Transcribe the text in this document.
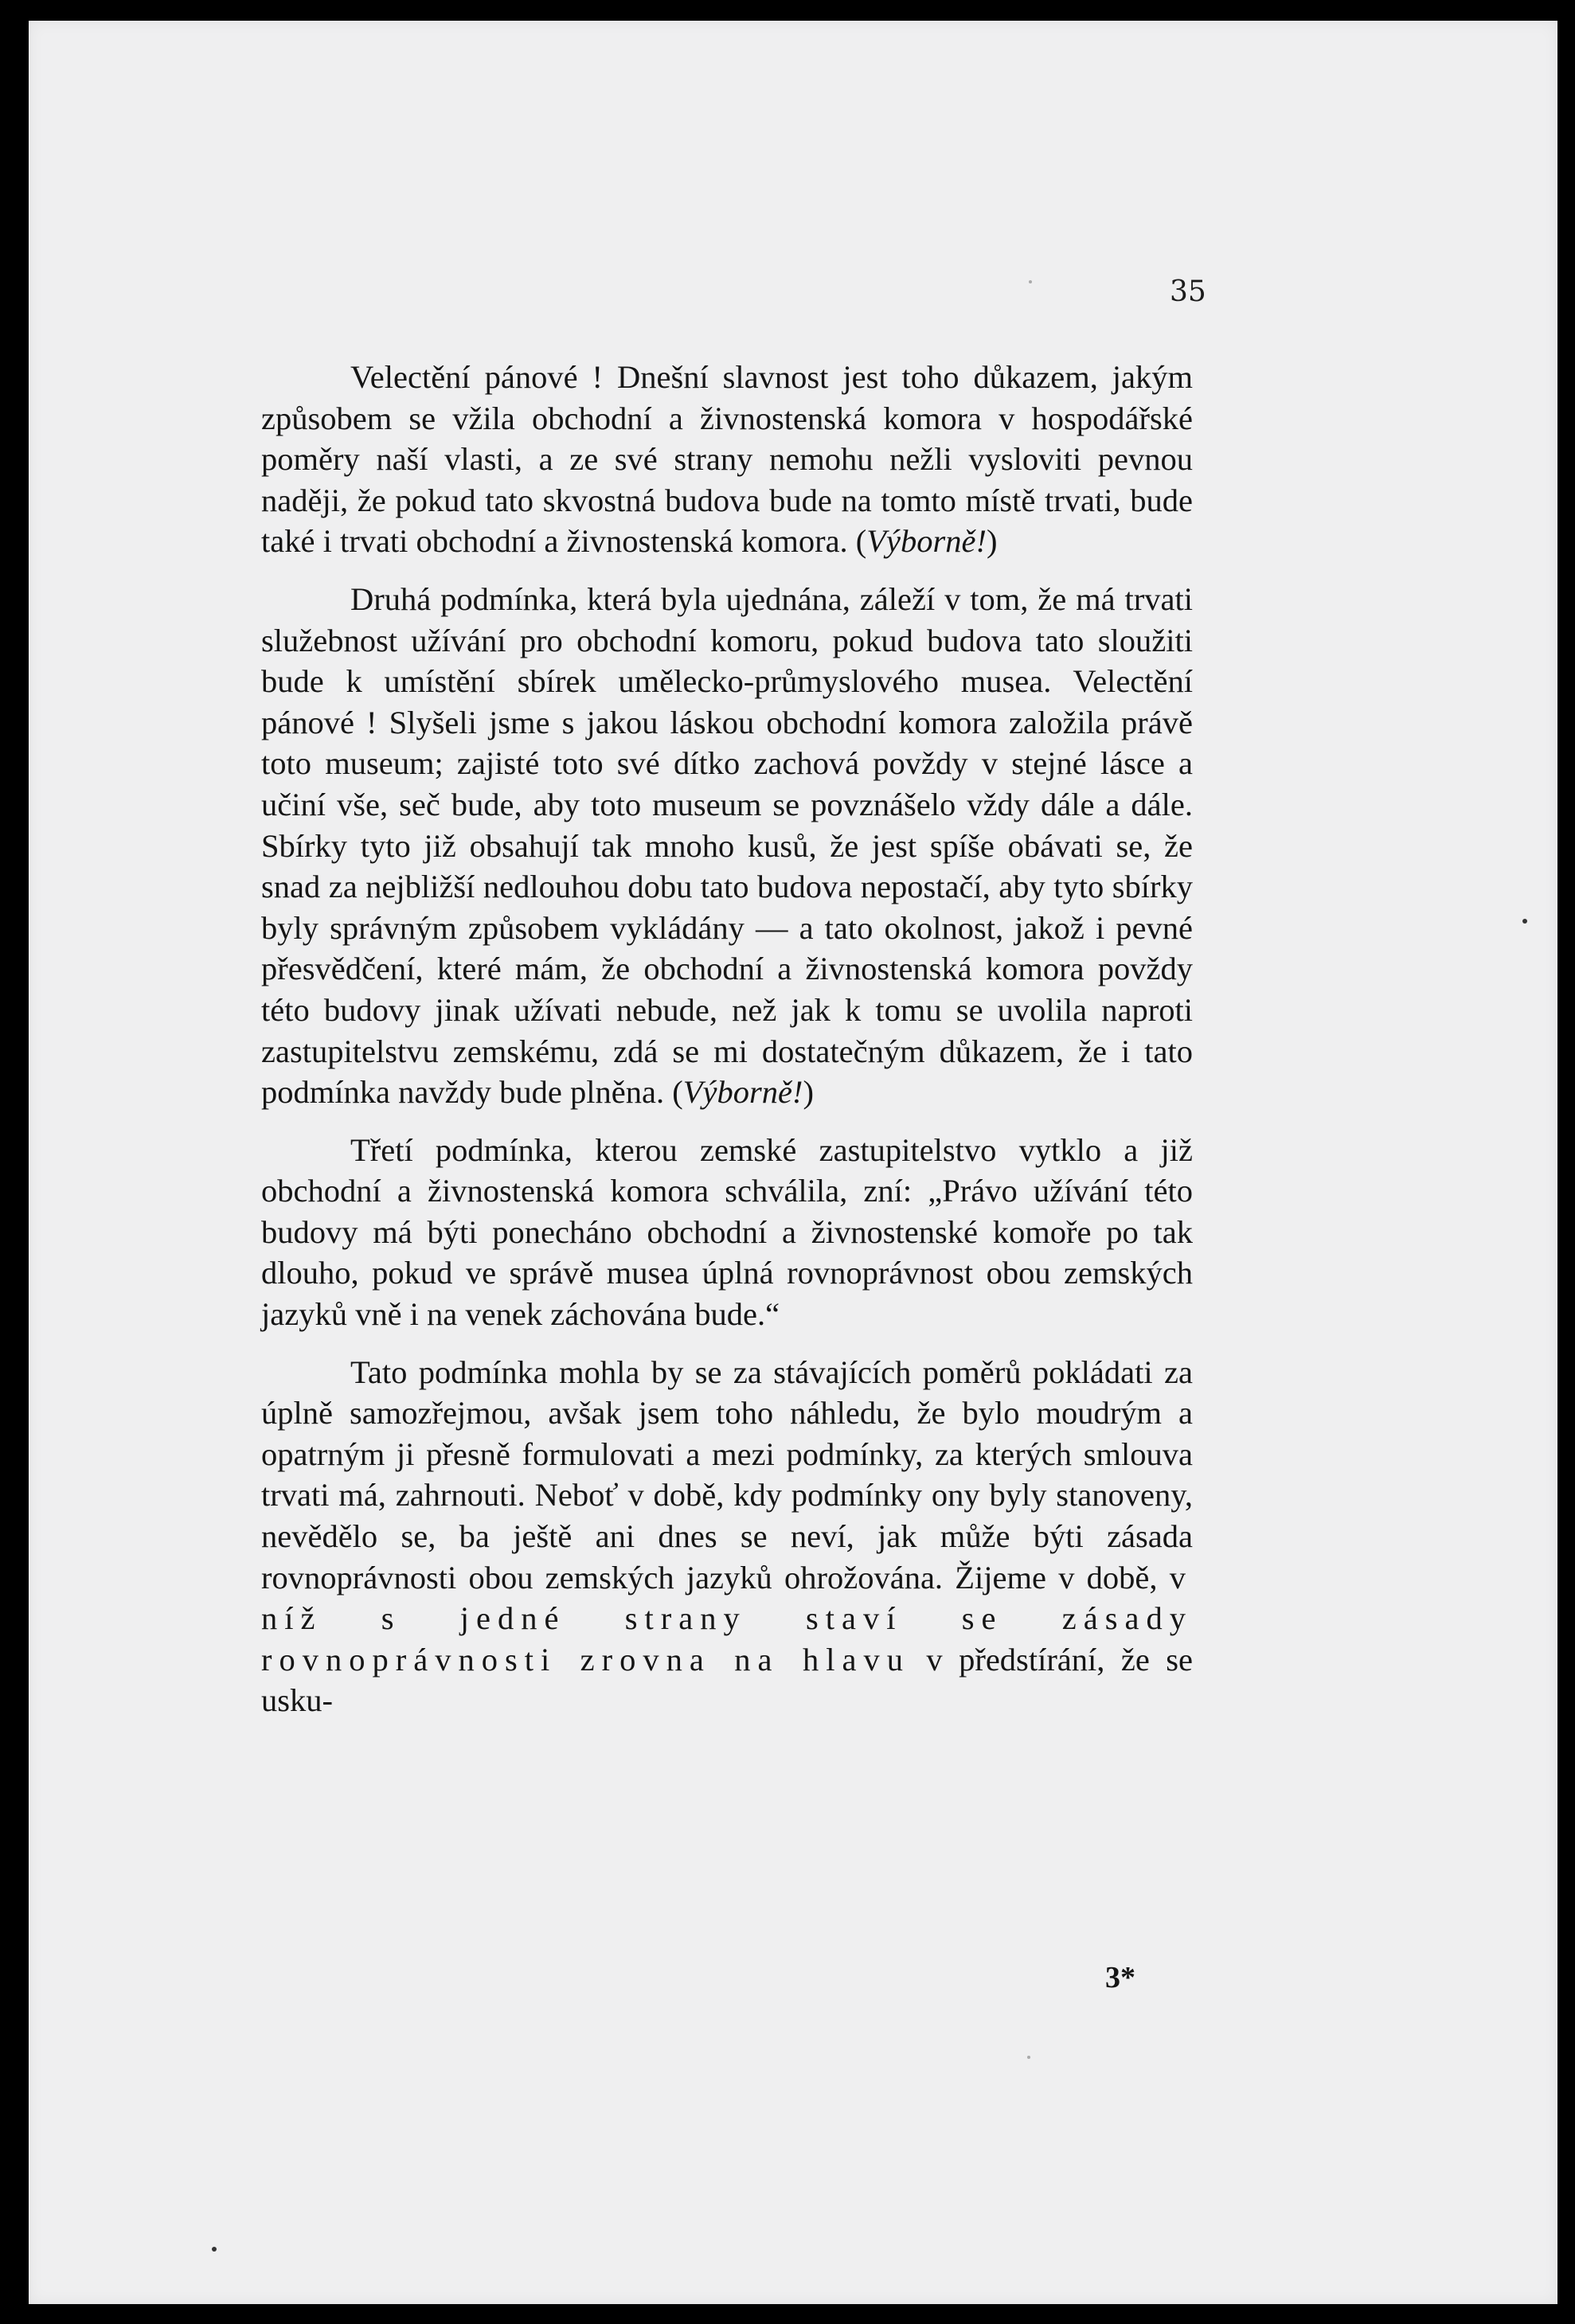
35

Velectění pánové ! Dnešní slavnost jest toho důkazem, jakým způsobem se vžila obchodní a živnostenská komora v hospodářské poměry naší vlasti, a ze své strany nemohu nežli vysloviti pevnou naději, že pokud tato skvostná budova bude na tomto místě trvati, bude také i trvati obchodní a živnostenská komora. (Výborně!)

Druhá podmínka, která byla ujednána, záleží v tom, že má trvati služebnost užívání pro obchodní komoru, pokud budova tato sloužiti bude k umístění sbírek umělecko-průmyslového musea. Velectění pánové ! Slyšeli jsme s jakou láskou obchodní komora založila právě toto museum; zajisté toto své dítko zachová povždy v stejné lásce a učiní vše, seč bude, aby toto museum se povznášelo vždy dále a dále. Sbírky tyto již obsahují tak mnoho kusů, že jest spíše obávati se, že snad za nejbližší nedlouhou dobu tato budova nepostačí, aby tyto sbírky byly správným způsobem vykládány — a tato okolnost, jakož i pevné přesvědčení, které mám, že obchodní a živnostenská komora povždy této budovy jinak užívati nebude, než jak k tomu se uvolila naproti zastupitelstvu zemskému, zdá se mi dostatečným důkazem, že i tato podmínka navždy bude plněna. (Výborně!)

Třetí podmínka, kterou zemské zastupitelstvo vytklo a již obchodní a živnostenská komora schválila, zní: „Právo užívání této budovy má býti ponecháno obchodní a živnostenské komoře po tak dlouho, pokud ve správě musea úplná rovnoprávnost obou zemských jazyků vně i na venek záchována bude.“

Tato podmínka mohla by se za stávajících poměrů pokládati za úplně samozřejmou, avšak jsem toho náhledu, že bylo moudrým a opatrným ji přesně formulovati a mezi podmínky, za kterých smlouva trvati má, zahrnouti. Neboť v době, kdy podmínky ony byly stanoveny, nevědělo se, ba ještě ani dnes se neví, jak může býti zásada rovnoprávnosti obou zemských jazyků ohrožována. Žijeme v době, v níž s jedné strany staví se zásady rovnoprávnosti zrovna na hlavu v předstírání, že se usku-

3*
